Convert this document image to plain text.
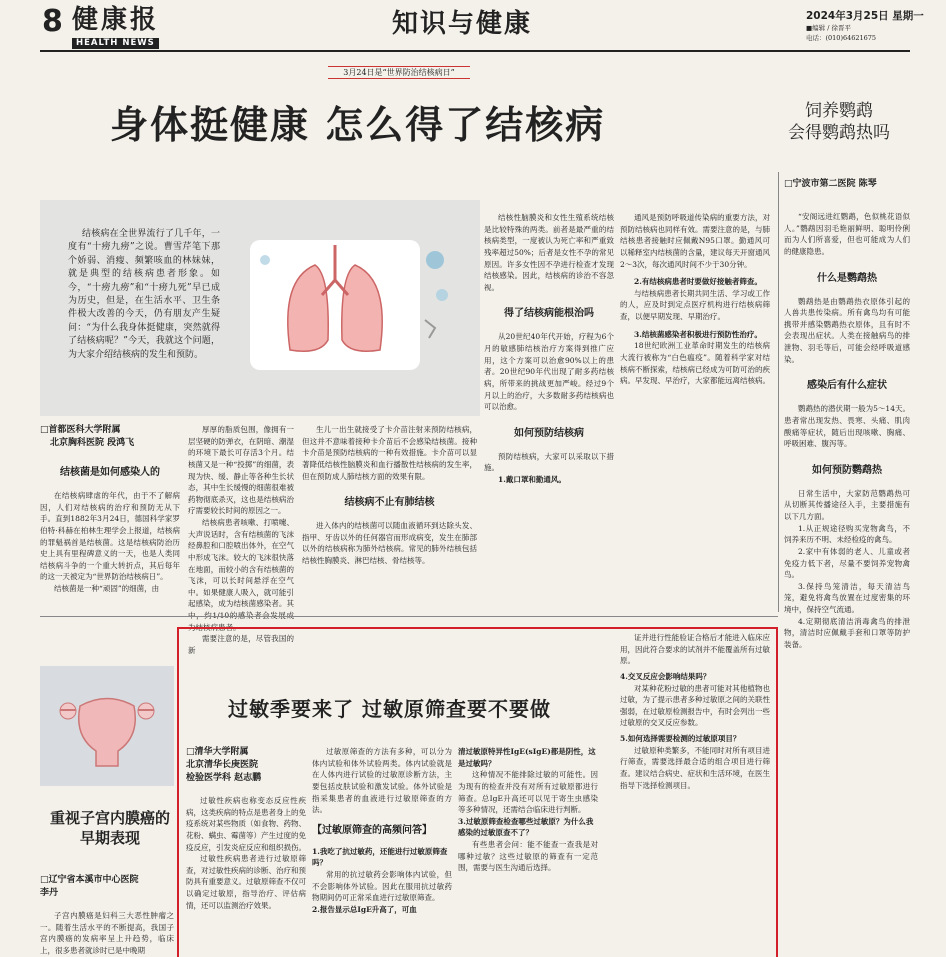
8 健康报
HEALTH NEWS
知识与健康	2024年3月25日 星期一
■编辑 / 徐晋平
电话：(010)64621675
3月24日是“世界防治结核病日”
身体挺健康 怎么得了结核病	饲养鹦鹉
会得鹦鹉热吗
结核病在全世界流行了几千年，一度有“十痨九痨”之说。曹雪芹笔下那个娇弱、消瘦、频繁咳血的林妹妹，就是典型的结核病患者形象。如今，“十痨九痨”和“十痨九死”早已成为历史，但是，在生活水平、卫生条件极大改善的今天，仍有朋友产生疑问：“为什么我身体挺健康，突然就得了结核病呢？”今天，我就这个问题，为大家介绍结核病的发生和预防。
□首都医科大学附属
北京胸科医院 段鸿飞
结核菌是如何感染人的

在结核病肆虐的年代，由于不了解病因，人们对结核病的治疗和预防无从下手。直到1882年3月24日，德国科学家罗伯特·科赫在柏林生理学会上报道，结核病的罪魁祸首是结核菌。这是结核病防治历史上具有里程碑意义的一天，也是人类同结核病斗争的一个重大转折点，其后每年的这一天被定为“世界防治结核病日”。

结核菌是一种“顽固”的细菌，由

厚厚的脂质包围，像拥有一层坚硬的防弹衣，在阴暗、潮湿的环境下最长可存活3个月。结核菌又是一种“投掷”的细菌，表现为快、缓、静止等各种生长状态，其中生长缓慢的细菌很难被药物彻底杀灭，这也是结核病治疗需要较长时间的原因之一。

结核病患者咳嗽、打喷嚏、大声说话时，含有结核菌的飞沫经鼻腔和口腔喷出体外，在空气中形成飞沫。较大的飞沫很快落在地面，而较小的含有结核菌的飞沫，可以长时间悬浮在空气中。如果健康人吸入，就可能引起感染，成为结核菌感染者。其 为结核病患者。

需要注意的是，尽管我国的新

生儿一出生就接受了卡介苗注射来预防结核病，但这并不意味着接种卡介苗后不会感染结核菌。接种卡介苗是预防结核病的一种有效措施。卡介苗可以显著降低结核性脑膜炎和血行播散性结核病的发生率，但在预防成人肺结核方面的效果有限。

结核病不止有肺结核

进入体内的结核菌可以随血液循环到达除头发、指甲、牙齿以外的任何器官而形成病变，发生在肺部以外的结核病称为肺外结核病。常见的肺外结核包括结核性胸膜炎、淋巴结核、骨结核等。

结核性脑膜炎和女性生殖系统结核是比较特殊的两类。前者是最严重的结核病类型，一度被认为死亡率和严重致残率超过50%；后者是女性不孕的常见原因。许多女性因不孕进行检查才发现结核感染。因此，结核病的诊治不容忽视。

得了结核病能根治吗

从20世纪40年代开始，疗程为6个月的敏感肺结核治疗方案得到推广应用，这个方案可以治愈90%以上的患者。20世纪90年代出现了耐多药结核病，所带来的挑战更加严峻。经过9个月以上的治疗，大多数耐多药结核病也可以治愈。

如何预防结核病

预防结核病，大家可以采取以下措施。

1.戴口罩和勤通风。

通风是预防呼吸道传染病的重要方法，对预防结核病也同样有效。需要注意的是，与肺结核患者接触时应佩戴N95口罩。勤通风可以稀释室内结核菌的含量，建议每天开窗通风2～3次，每次通风时间不少于30分钟。

2.有结核病患者时要做好接触者筛查。

与结核病患者长期共同生活、学习或工作的人，应及时到定点医疗机构进行结核病筛查，以便早期发现、早期治疗。

3.结核菌感染者积极进行预防性治疗。

18世纪欧洲工业革命时期发生的结核病大流行被称为“白色瘟疫”。随着科学家对结核病不断探索，结核病已经成为可防可治的疾病。早发现、早治疗，大家都能远离结核病。

□宁波市第二医院 陈琴

“安阁远进红鹦鹉，色似桃花语似人。”鹦鹉因羽毛艳丽鲜明、聪明伶俐而为人们所喜爱，但也可能成为人们的健康隐患。

什么是鹦鹉热

鹦鹉热是由鹦鹉热衣原体引起的人兽共患传染病。所有禽鸟均有可能携带并感染鹦鹉热衣原体，且有时不会表现出症状。人类在接触病鸟的排泄物、羽毛等后，可能会经呼吸道感染。

感染后有什么症状

鹦鹉热的潜伏期一般为5～14天。患者常出现发热、畏寒、头痛、肌肉酸痛等症状，随后出现咳嗽、胸痛、呼吸困难、腹泻等。

如何预防鹦鹉热

日常生活中，大家防范鹦鹉热可从切断其传播途径入手，主要措施有以下几方面。

1.从正规途径购买宠物禽鸟，不饲养来历不明、未经检疫的禽鸟。

2.家中有体弱的老人、儿童或者免疫力低下者，尽量不要饲养宠物禽鸟。

3.保持鸟笼清洁，每天清洁鸟笼，避免将禽鸟放置在过度密集的环境中，保持空气流通。

4.定期彻底清洁消毒禽鸟的排泄物，清洁时应佩戴手套和口罩等防护装备。

过敏季要来了 过敏原筛查要不要做
□清华大学附属
北京清华长庚医院
检验医学科 赵志鹏

过敏性疾病也称变态反应性疾病，这类疾病的特点是患者身上的免疫系统对某些物质（如食物、药物、花粉、螨虫、霉菌等）产生过度的免疫反应，引发炎症反应和组织损伤。

过敏性疾病患者进行过敏原筛查，对过敏性疾病的诊断、治疗和预防具有重要意义。过敏原筛查不仅可以确定过敏原，指导治疗、评估病情，还可以监测治疗效果。

过敏原筛查的方法有多种，可以分为体内试验和体外试验两类。体内试验就是在人体内进行试验的过敏原诊断方法，主要包括皮肤试验和激发试验。体外试验是指采集患者的血液进行过敏原筛查的方法。

【过敏原筛查的高频问答】

1.我吃了抗过敏药，还能进行过敏原筛查吗？

常用的抗过敏药会影响体内试验，但不会影响体外试验。因此在服用抗过敏药物期间仍可正常采血进行过敏原筛查。

2.报告显示总IgE升高了，可血

清过敏原特异性IgE(sIgE)都是阴性，这是过敏吗？

这种情况不能排除过敏的可能性。因为现有的检查并没有对所有过敏原都进行筛查。总IgE升高还可以见于寄生虫感染等多种情况，还需结合临床进行判断。

3.过敏原筛查检查哪些过敏原？为什么我感染的过敏原查不了？

有些患者会问：能不能查一查我是对哪种过敏？这些过敏原的筛查有一定范围，需要与医生沟通后选择。

证并进行性能验证合格后才能进入临床应用，因此符合要求的试剂并不能覆盖所有过敏原。

4.交叉反应会影响结果吗？

对某种花粉过敏的患者可能对其他植物也过敏，为了提示患者多种过敏原之间的关联性强弱，在过敏原检测报告中，有时会列出一些过敏原的交叉反应参数。

5.如何选择需要检测的过敏原项目？

过敏原种类繁多，不能同时对所有项目进行筛查，需要选择最合适的组合项目进行筛查。建议结合病史、症状和生活环境，在医生指导下选择检测项目。

重视子宫内膜癌的
早期表现
□辽宁省本溪市中心医院
李丹

子宫内膜癌是妇科三大恶性肿瘤之一。随着生活水平的不断提高，我国子宫内膜癌的发病率呈上升趋势，临床上，很多患者就诊时已是中晚期
